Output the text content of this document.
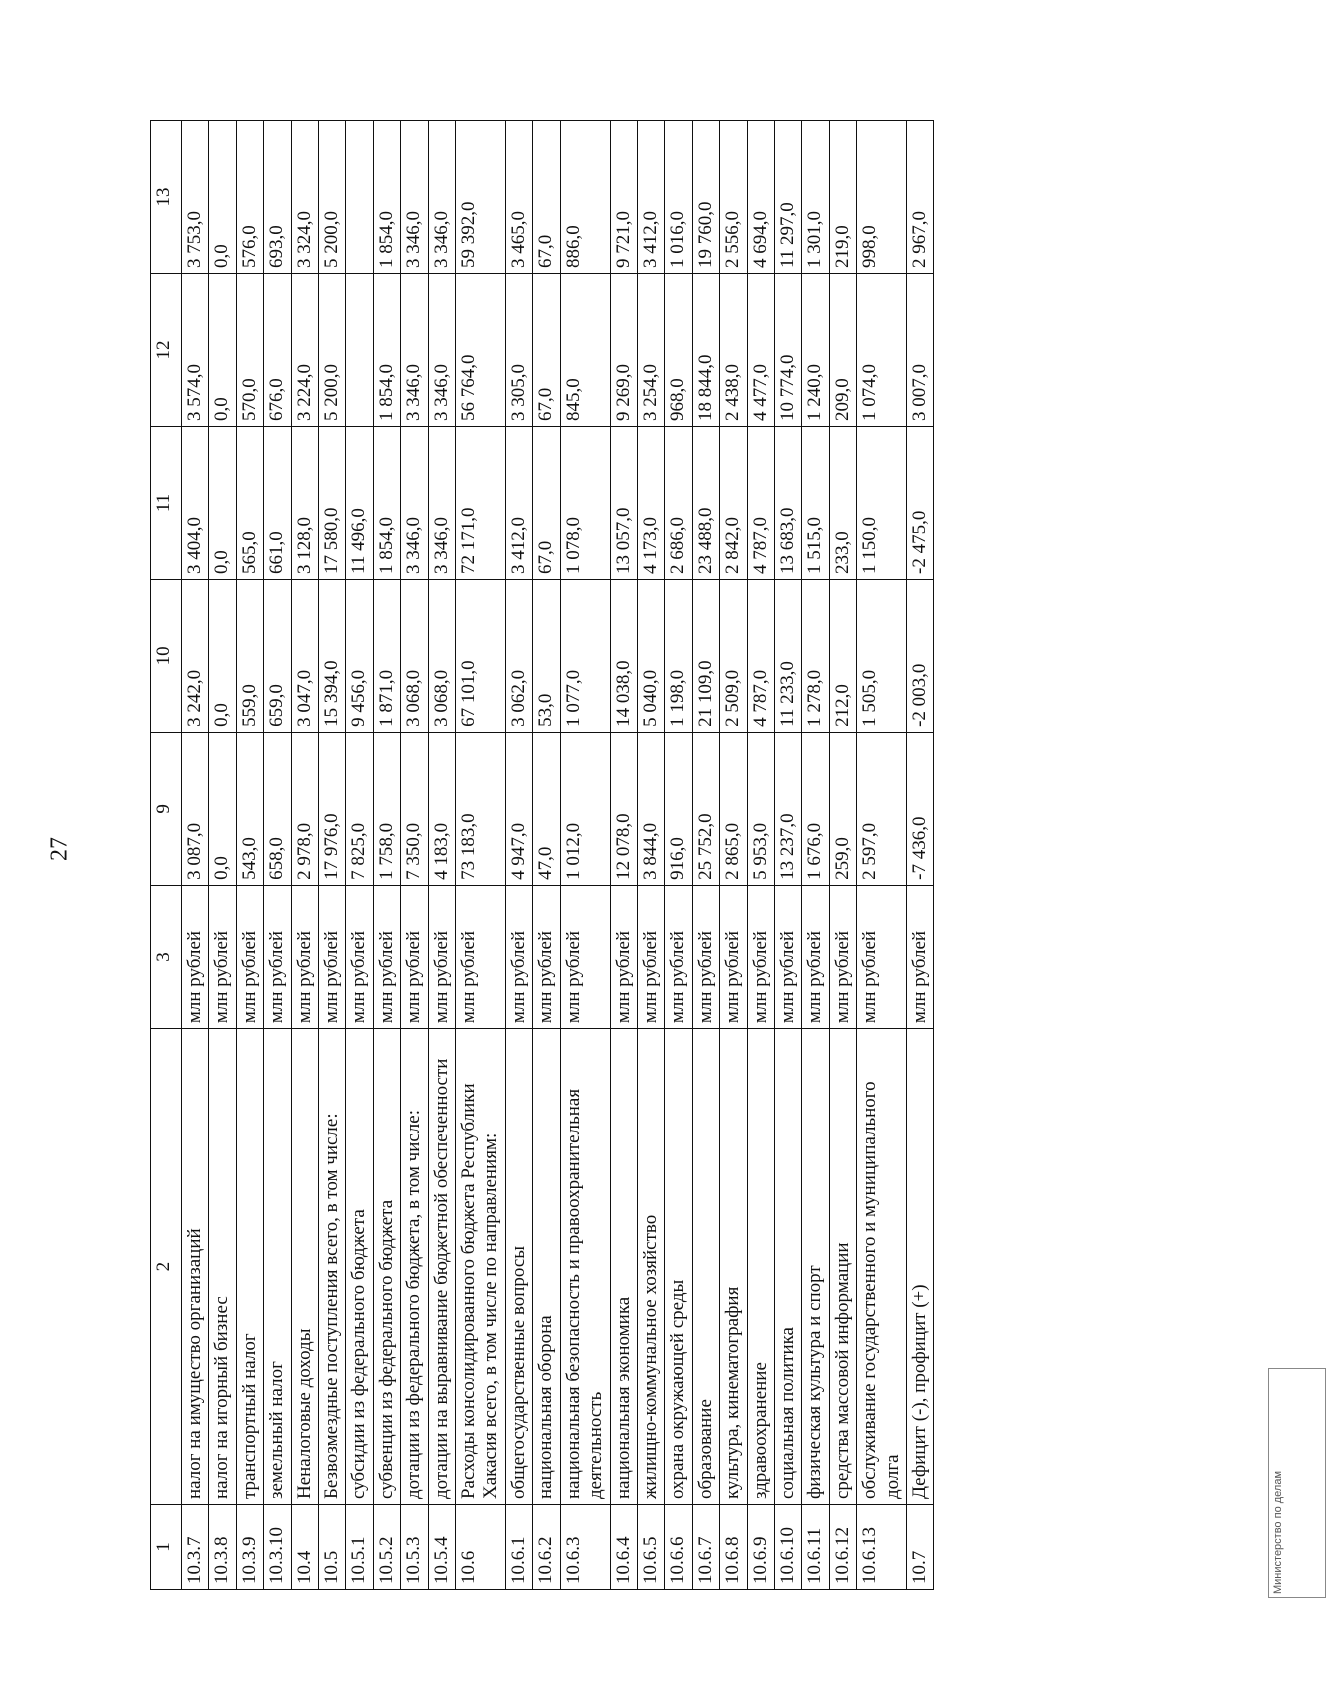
27
1	2	3	9	10	11	12	13
10.3.7	налог на имущество организаций	млн рублей	3 087,0	3 242,0	3 404,0	3 574,0	3 753,0
10.3.8	налог на игорный бизнес	млн рублей	0,0	0,0	0,0	0,0	0,0
10.3.9	транспортный налог	млн рублей	543,0	559,0	565,0	570,0	576,0
10.3.10	земельный налог	млн рублей	658,0	659,0	661,0	676,0	693,0
10.4	Неналоговые доходы	млн рублей	2 978,0	3 047,0	3 128,0	3 224,0	3 324,0
10.5	Безвозмездные поступления всего, в том числе:	млн рублей	17 976,0	15 394,0	17 580,0	5 200,0	5 200,0
10.5.1	субсидии из федерального бюджета	млн рублей	7 825,0	9 456,0	11 496,0		
10.5.2	субвенции из федерального бюджета	млн рублей	1 758,0	1 871,0	1 854,0	1 854,0	1 854,0
10.5.3	дотации из федерального бюджета, в том числе:	млн рублей	7 350,0	3 068,0	3 346,0	3 346,0	3 346,0
10.5.4	дотации на выравнивание бюджетной обеспеченности	млн рублей	4 183,0	3 068,0	3 346,0	3 346,0	3 346,0
10.6	Расходы консолидированного бюджета Республики Хакасия всего, в том числе по направлениям:	млн рублей	73 183,0	67 101,0	72 171,0	56 764,0	59 392,0
10.6.1	общегосударственные вопросы	млн рублей	4 947,0	3 062,0	3 412,0	3 305,0	3 465,0
10.6.2	национальная оборона	млн рублей	47,0	53,0	67,0	67,0	67,0
10.6.3	национальная безопасность и правоохранительная деятельность	млн рублей	1 012,0	1 077,0	1 078,0	845,0	886,0
10.6.4	национальная экономика	млн рублей	12 078,0	14 038,0	13 057,0	9 269,0	9 721,0
10.6.5	жилищно-коммунальное хозяйство	млн рублей	3 844,0	5 040,0	4 173,0	3 254,0	3 412,0
10.6.6	охрана окружающей среды	млн рублей	916,0	1 198,0	2 686,0	968,0	1 016,0
10.6.7	образование	млн рублей	25 752,0	21 109,0	23 488,0	18 844,0	19 760,0
10.6.8	культура, кинематография	млн рублей	2 865,0	2 509,0	2 842,0	2 438,0	2 556,0
10.6.9	здравоохранение	млн рублей	5 953,0	4 787,0	4 787,0	4 477,0	4 694,0
10.6.10	социальная политика	млн рублей	13 237,0	11 233,0	13 683,0	10 774,0	11 297,0
10.6.11	физическая культура и спорт	млн рублей	1 676,0	1 278,0	1 515,0	1 240,0	1 301,0
10.6.12	средства массовой информации	млн рублей	259,0	212,0	233,0	209,0	219,0
10.6.13	обслуживание государственного и муниципального долга	млн рублей	2 597,0	1 505,0	1 150,0	1 074,0	998,0
10.7	Дефицит (-), профицит (+)	млн рублей	-7 436,0	-2 003,0	-2 475,0	3 007,0	2 967,0
Министерство по делам
